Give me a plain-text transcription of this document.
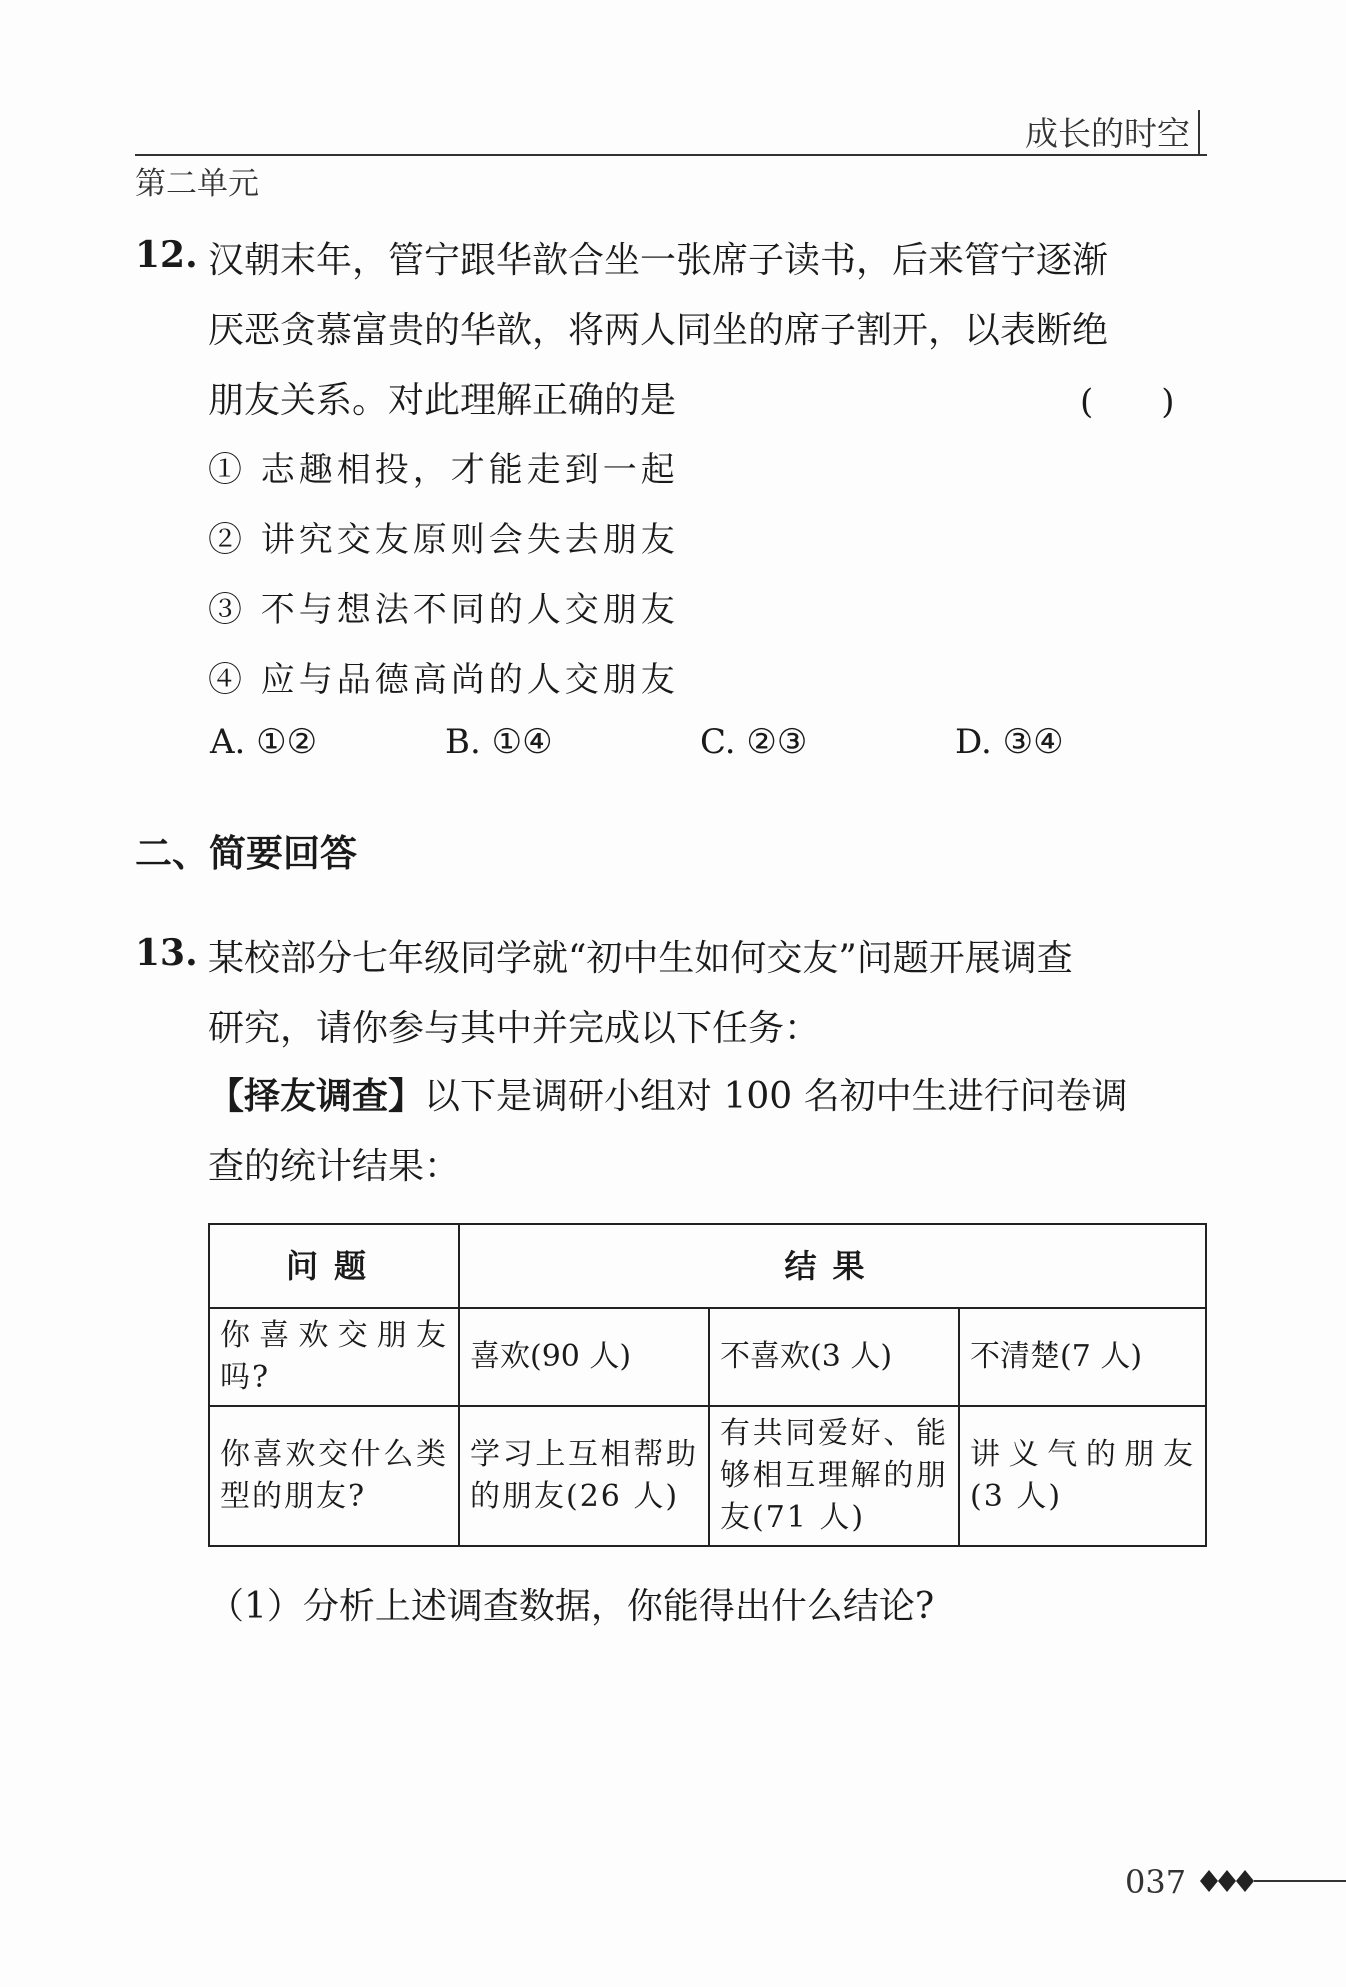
成长的时空
第二单元
12. 汉朝末年，管宁跟华歆合坐一张席子读书，后来管宁逐渐
厌恶贪慕富贵的华歆，将两人同坐的席子割开，以表断绝
朋友关系。对此理解正确的是	(　　)
① 志趣相投，才能走到一起
② 讲究交友原则会失去朋友
③ 不与想法不同的人交朋友
④ 应与品德高尚的人交朋友
A. ①②	B. ①④	C. ②③	D. ③④
二、简要回答
13. 某校部分七年级同学就“初中生如何交友”问题开展调查
研究，请你参与其中并完成以下任务：
【择友调查】以下是调研小组对 100 名初中生进行问卷调
查的统计结果：
问题	结果		
你喜欢交朋友吗?	喜欢(90 人)	不喜欢(3 人)	不清楚(7 人)
你喜欢交什么类型的朋友?	学习上互相帮助的朋友(26 人)	有共同爱好、能够相互理解的朋友(71 人)	讲义气的朋友(3 人)
（1）分析上述调查数据，你能得出什么结论?
037
